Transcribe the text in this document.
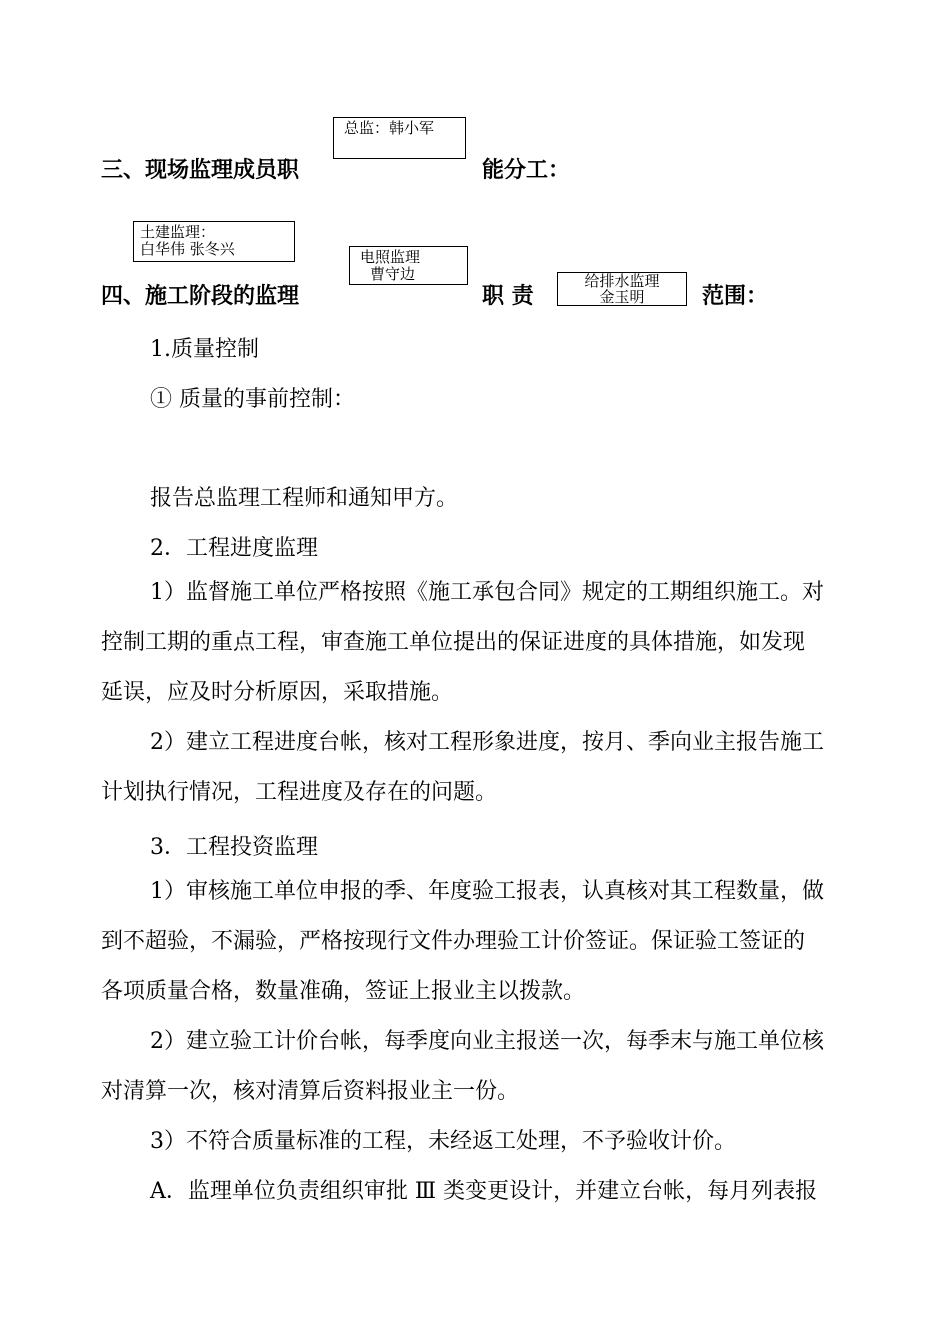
三、现场监理成员职	能分工：
总监：韩小军
土建监理：
白华伟 张冬兴	电照监理
曹守边	给排水监理
金玉明
四、施工阶段的监理	职 责	范围：
1.质量控制
① 质量的事前控制：
报告总监理工程师和通知甲方。
2．工程进度监理
1）监督施工单位严格按照《施工承包合同》规定的工期组织施工。对
控制工期的重点工程，审查施工单位提出的保证进度的具体措施，如发现
延误，应及时分析原因，采取措施。
2）建立工程进度台帐，核对工程形象进度，按月、季向业主报告施工
计划执行情况，工程进度及存在的问题。
3．工程投资监理
1）审核施工单位申报的季、年度验工报表，认真核对其工程数量，做
到不超验，不漏验，严格按现行文件办理验工计价签证。保证验工签证的
各项质量合格，数量准确，签证上报业主以拨款。
2）建立验工计价台帐，每季度向业主报送一次，每季末与施工单位核
对清算一次，核对清算后资料报业主一份。
3）不符合质量标准的工程，未经返工处理，不予验收计价。
A．监理单位负责组织审批 Ⅲ 类变更设计，并建立台帐，每月列表报
